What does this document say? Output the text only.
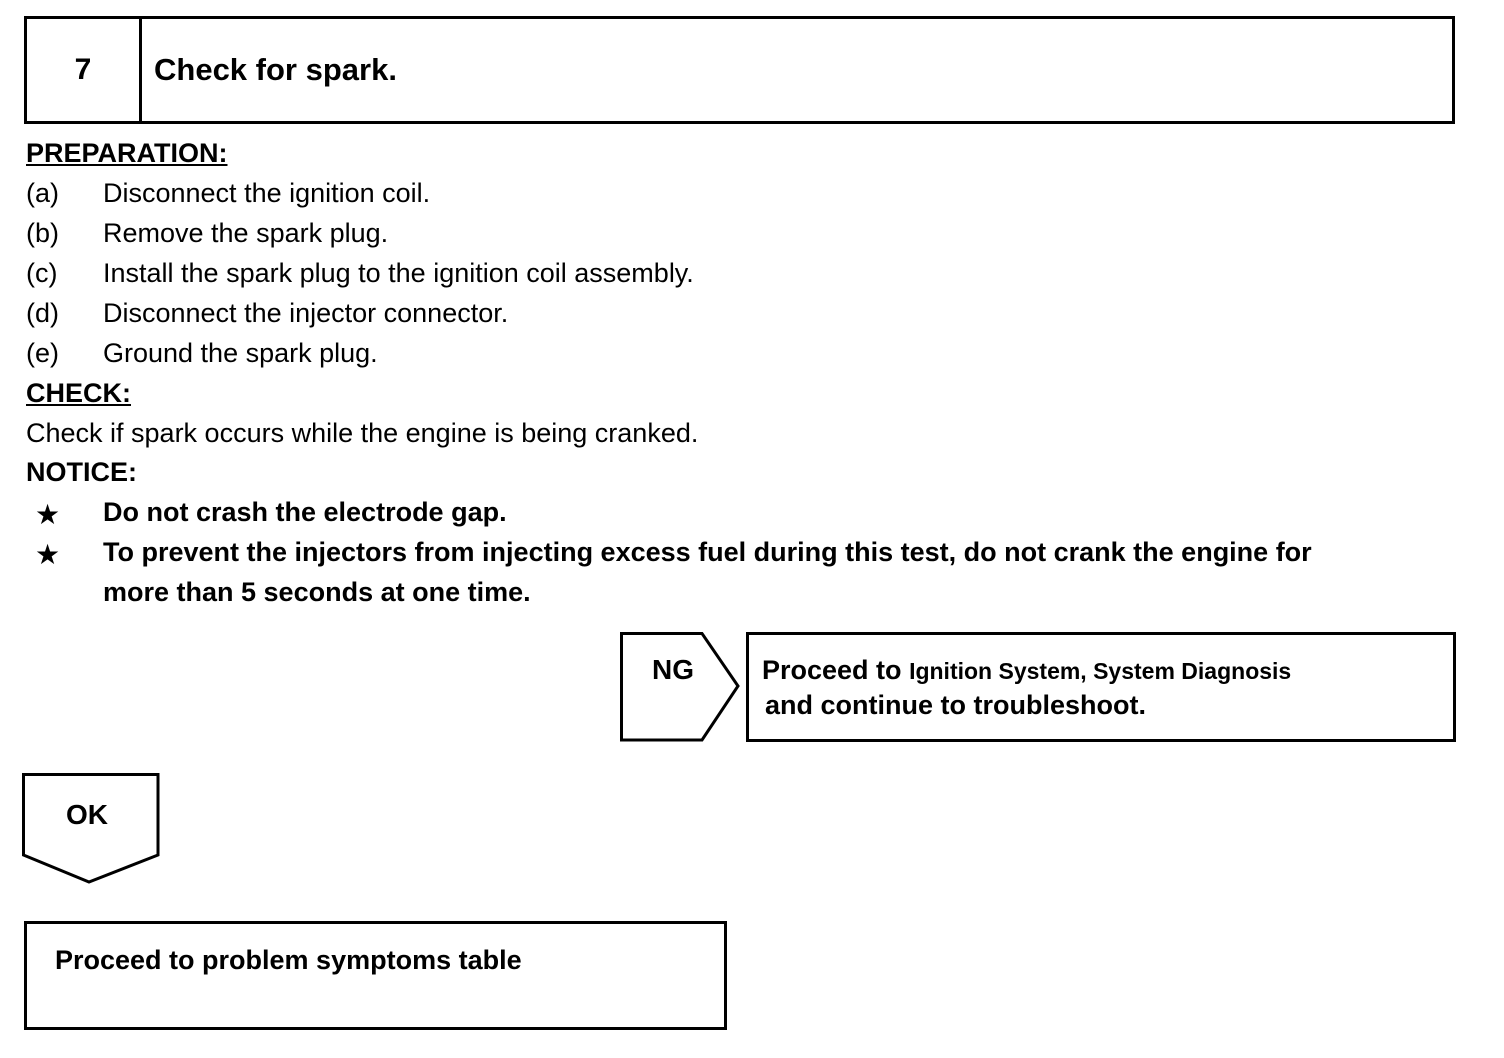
7	Check for spark.
PREPARATION:
(a) Disconnect the ignition coil.
(b) Remove the spark plug.
(c) Install the spark plug to the ignition coil assembly.
(d) Disconnect the injector connector.
(e) Ground the spark plug.
CHECK:
Check if spark occurs while the engine is being cranked.
NOTICE:
★ Do not crash the electrode gap.
★ To prevent the injectors from injecting excess fuel during this test, do not crank the engine for
more than 5 seconds at one time.
NG	Proceed to Ignition System, System Diagnosis
and continue to troubleshoot.
OK
Proceed to problem symptoms table
